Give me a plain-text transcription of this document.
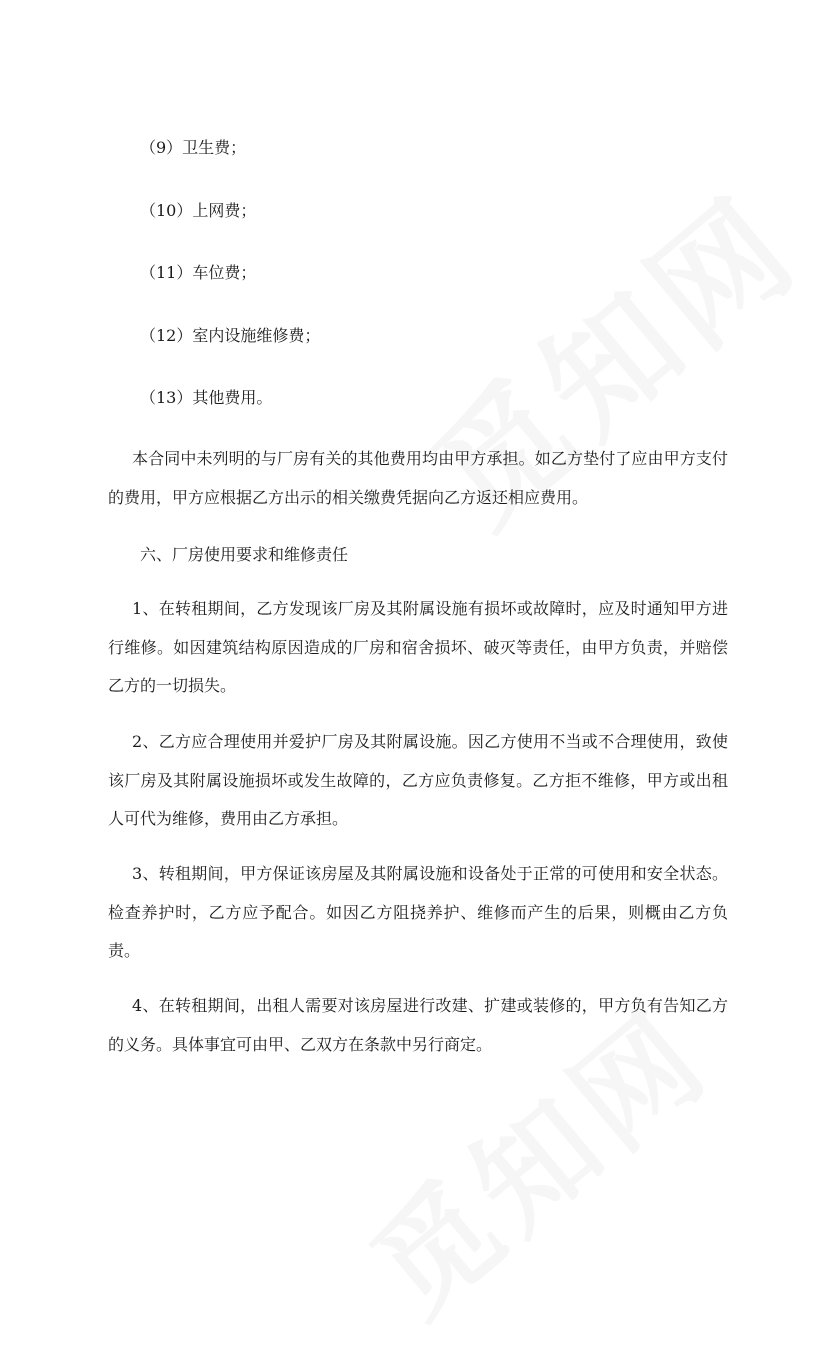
（9）卫生费；

（10）上网费；

（11）车位费；

（12）室内设施维修费；

（13）其他费用。

本合同中未列明的与厂房有关的其他费用均由甲方承担。如乙方垫付了应由甲方支付的费用，甲方应根据乙方出示的相关缴费凭据向乙方返还相应费用。

六、厂房使用要求和维修责任

1、在转租期间，乙方发现该厂房及其附属设施有损坏或故障时，应及时通知甲方进行维修。如因建筑结构原因造成的厂房和宿舍损坏、破灭等责任，由甲方负责，并赔偿乙方的一切损失。

2、乙方应合理使用并爱护厂房及其附属设施。因乙方使用不当或不合理使用，致使该厂房及其附属设施损坏或发生故障的，乙方应负责修复。乙方拒不维修，甲方或出租人可代为维修，费用由乙方承担。

3、转租期间，甲方保证该房屋及其附属设施和设备处于正常的可使用和安全状态。检查养护时，乙方应予配合。如因乙方阻挠养护、维修而产生的后果，则概由乙方负责。

4、在转租期间，出租人需要对该房屋进行改建、扩建或装修的，甲方负有告知乙方的义务。具体事宜可由甲、乙双方在条款中另行商定。
